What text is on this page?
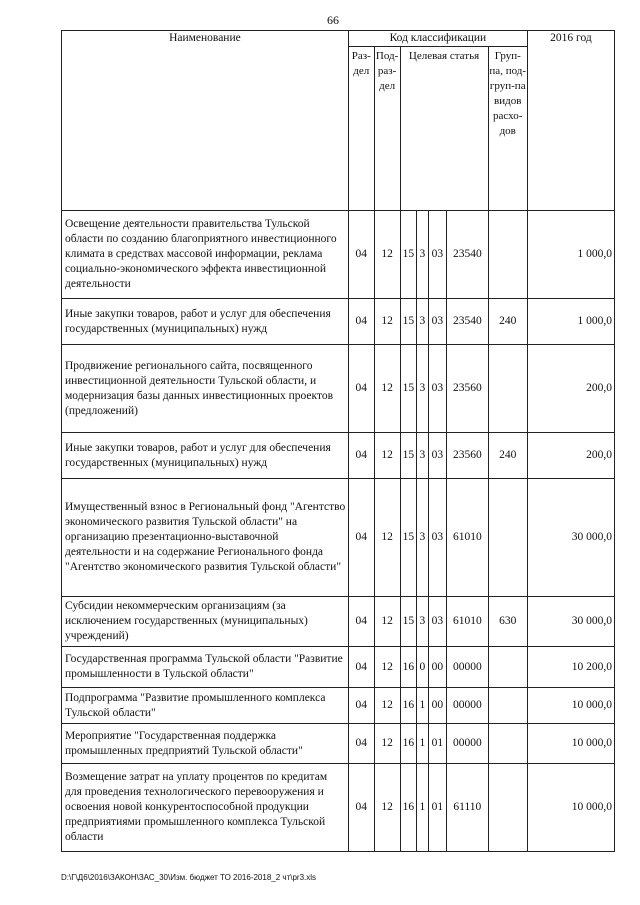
66
Наименование	Код классификации							2016 год
	Раз-дел	Под-раз-дел	Целевая статья				Груп-па, под-груп-па видов расхо-дов	
Освещение деятельности правительства Тульской области по созданию благоприятного инвестиционного климата в средствах массовой информации, реклама социально-экономического эффекта инвестиционной деятельности	04	12	15	3	03	23540		1 000,0
Иные закупки товаров, работ и услуг для обеспечения государственных (муниципальных) нужд	04	12	15	3	03	23540	240	1 000,0
Продвижение регионального сайта, посвященного инвестиционной деятельности Тульской области, и модернизация базы данных инвестиционных проектов (предложений)	04	12	15	3	03	23560		200,0
Иные закупки товаров, работ и услуг для обеспечения государственных (муниципальных) нужд	04	12	15	3	03	23560	240	200,0
Имущественный взнос в Региональный фонд "Агентство экономического развития Тульской области" на организацию презентационно-выставочной деятельности и на содержание Регионального фонда "Агентство экономического развития Тульской области"	04	12	15	3	03	61010		30 000,0
Субсидии некоммерческим организациям (за исключением государственных (муниципальных) учреждений)	04	12	15	3	03	61010	630	30 000,0
Государственная программа Тульской области "Развитие промышленности в Тульской области"	04	12	16	0	00	00000		10 200,0
Подпрограмма "Развитие промышленного комплекса Тульской области"	04	12	16	1	00	00000		10 000,0
Мероприятие "Государственная поддержка промышленных предприятий Тульской области"	04	12	16	1	01	00000		10 000,0
Возмещение затрат на уплату процентов по кредитам для проведения технологического перевооружения и освоения новой конкурентоспособной продукции предприятиями промышленного комплекса Тульской области	04	12	16	1	01	61110		10 000,0
D:\Г\Д6\2016\ЗАКОН\ЗАС_30\Изм. бюджет ТО 2016-2018_2 чт\pr3.xls
